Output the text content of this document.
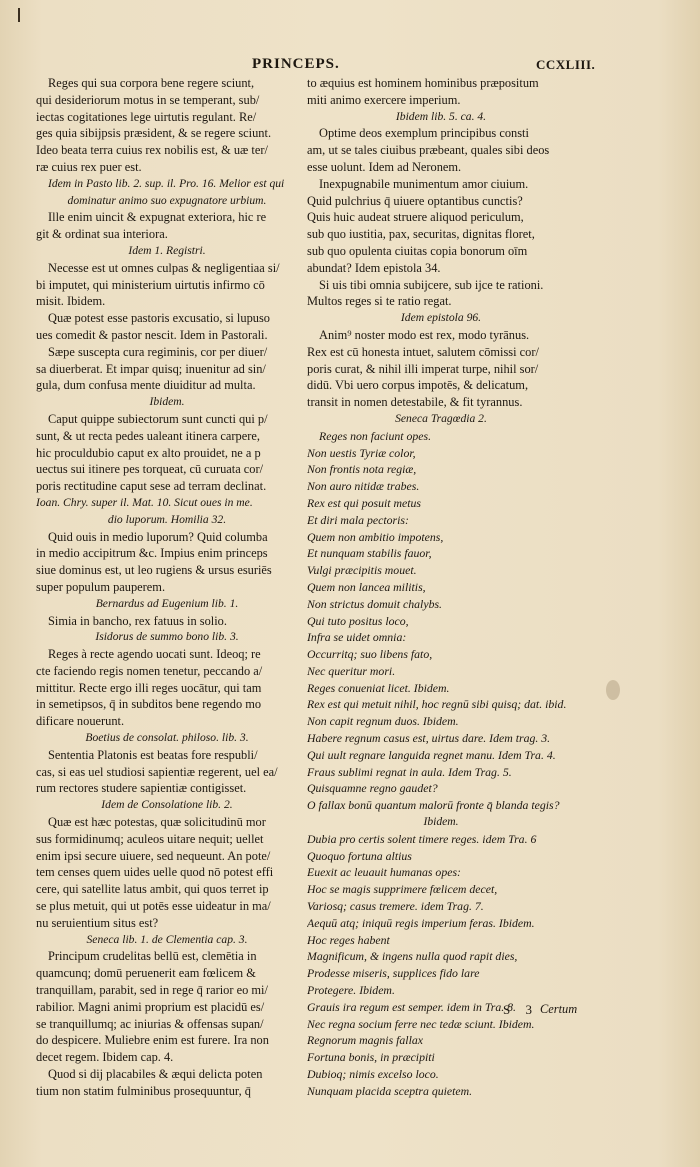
PRINCEPS.	CCXLIII.
Reges qui sua corpora bene regere sciunt,
qui desideriorum motus in se temperant, sub/
iectas cogitationes lege uirtutis regulant. Re/
ges quia sibijpsis præsident, & se regere sciunt.
Ideo beata terra cuius rex nobilis est, & uæ ter/
ræ cuius rex puer est.
Idem in Pasto lib. 2. sup. il. Pro. 16. Melior est qui
dominatur animo suo expugnatore urbium.
Ille enim uincit & expugnat exteriora, hic re
git & ordinat sua interiora.
Idem 1. Registri.
Necesse est ut omnes culpas & negligentiaa si/
bi imputet, qui ministerium uirtutis infirmo cō
misit. Ibidem.
Quæ potest esse pastoris excusatio, si lupuso
ues comedit & pastor nescit. Idem in Pastorali.
Sæpe suscepta cura regiminis, cor per diuer/
sa diuerberat. Et impar quisq; inuenitur ad sin/
gula, dum confusa mente diuiditur ad multa.
Ibidem.
Caput quippe subiectorum sunt cuncti qui p/
sunt, & ut recta pedes ualeant itinera carpere,
hic proculdubio caput ex alto prouidet, ne a p
uectus sui itinere pes torqueat, cū curuata cor/
poris rectitudine caput sese ad terram declinat.
Ioan. Chry. super il. Mat. 10. Sicut oues in me.
dio luporum. Homilia 32.
Quid ouis in medio luporum? Quid columba
in medio accipitrum &c. Impius enim princeps
siue dominus est, ut leo rugiens & ursus esuriēs
super populum pauperem.
Bernardus ad Eugenium lib. 1.
Simia in bancho, rex fatuus in solio.
Isidorus de summo bono lib. 3.
Reges à recte agendo uocati sunt. Ideoq; re
cte faciendo regis nomen tenetur, peccando a/
mittitur. Recte ergo illi reges uocātur, qui tam
in semetipsos, q̄ in subditos bene regendo mo
dificare nouerunt.
Boetius de consolat. philoso. lib. 3.
Sententia Platonis est beatas fore respubli/
cas, si eas uel studiosi sapientiæ regerent, uel ea/
rum rectores studere sapientiæ contigisset.
Idem de Consolatione lib. 2.
Quæ est hæc potestas, quæ solicitudinū mor
sus formidinumq; aculeos uitare nequit; uellet
enim ipsi secure uiuere, sed nequeunt. An pote/
tem censes quem uides uelle quod nō potest effi
cere, qui satellite latus ambit, qui quos terret ip
se plus metuit, qui ut potēs esse uideatur in ma/
nu seruientium situs est?
Seneca lib. 1. de Clementia cap. 3.
Principum crudelitas bellū est, clemētia in
quamcunq; domū peruenerit eam fœlicem &
tranquillam, parabit, sed in rege q̄ rarior eo mi/
rabilior. Magni animi proprium est placidū es/
se tranquillumq; ac iniurias & offensas supan/
do despicere. Muliebre enim est furere. Ira non
decet regem. Ibidem cap. 4.
Quod si dij placabiles & æqui delicta poten
tium non statim fulminibus prosequuntur, q̄
to æquius est hominem hominibus præpositum
miti animo exercere imperium.
Ibidem lib. 5. ca. 4.
Optime deos exemplum principibus consti
am, ut se tales ciuibus præbeant, quales sibi deos
esse uolunt. Idem ad Neronem.
Inexpugnabile munimentum amor ciuium.
Quid pulchrius q̄ uiuere optantibus cunctis?
Quis huic audeat struere aliquod periculum,
sub quo iustitia, pax, securitas, dignitas floret,
sub quo opulenta ciuitas copia bonorum oīm
abundat? Idem epistola 34.
Si uis tibi omnia subijcere, sub ijce te rationi.
Multos reges si te ratio regat.
Idem epistola 96.
Anim⁹ noster modo est rex, modo tyrānus.
Rex est cū honesta intuet, salutem cōmissi cor/
poris curat, & nihil illi imperat turpe, nihil sor/
didū. Vbi uero corpus impotēs, & delicatum,
transit in nomen detestabile, & fit tyrannus.
Seneca Tragœdia 2.
Reges non faciunt opes.
Non uestis Tyriæ color,
Non frontis nota regiæ,
Non auro nitidæ trabes.
Rex est qui posuit metus
Et diri mala pectoris:
Quem non ambitio impotens,
Et nunquam stabilis fauor,
Vulgi præcipitis mouet.
Quem non lancea militis,
Non strictus domuit chalybs.
Qui tuto positus loco,
Infra se uidet omnia:
Occurritq; suo libens fato,
Nec queritur mori.
Reges conueniat licet. Ibidem.
Rex est qui metuit nihil, hoc regnū sibi quisq; dat. ibid.
Non capit regnum duos. Ibidem.
Habere regnum casus est, uirtus dare. Idem trag. 3.
Qui uult regnare languida regnet manu. Idem Tra. 4.
Fraus sublimi regnat in aula. Idem Trag. 5.
Quisquamne regno gaudet?
O fallax bonū quantum malorū fronte q̄ blanda tegis?
Ibidem.
Dubia pro certis solent timere reges. idem Tra. 6
Quoquo fortuna altius
Euexit ac leuauit humanas opes:
Hoc se magis supprimere fœlicem decet,
Variosq; casus tremere. idem Trag. 7.
Aequū atq; iniquū regis imperium feras. Ibidem.
Hoc reges habent
Magnificum, & ingens nulla quod rapit dies,
Prodesse miseris, supplices fido lare
Protegere. Ibidem.
Grauis ira regum est semper. idem in Tra. 8.
Nec regna socium ferre nec tedæ sciunt. Ibidem.
Regnorum magnis fallax
Fortuna bonis, in præcipiti
Dubioq; nimis excelso loco.
Nunquam placida sceptra quietem.
S 3 Certum
